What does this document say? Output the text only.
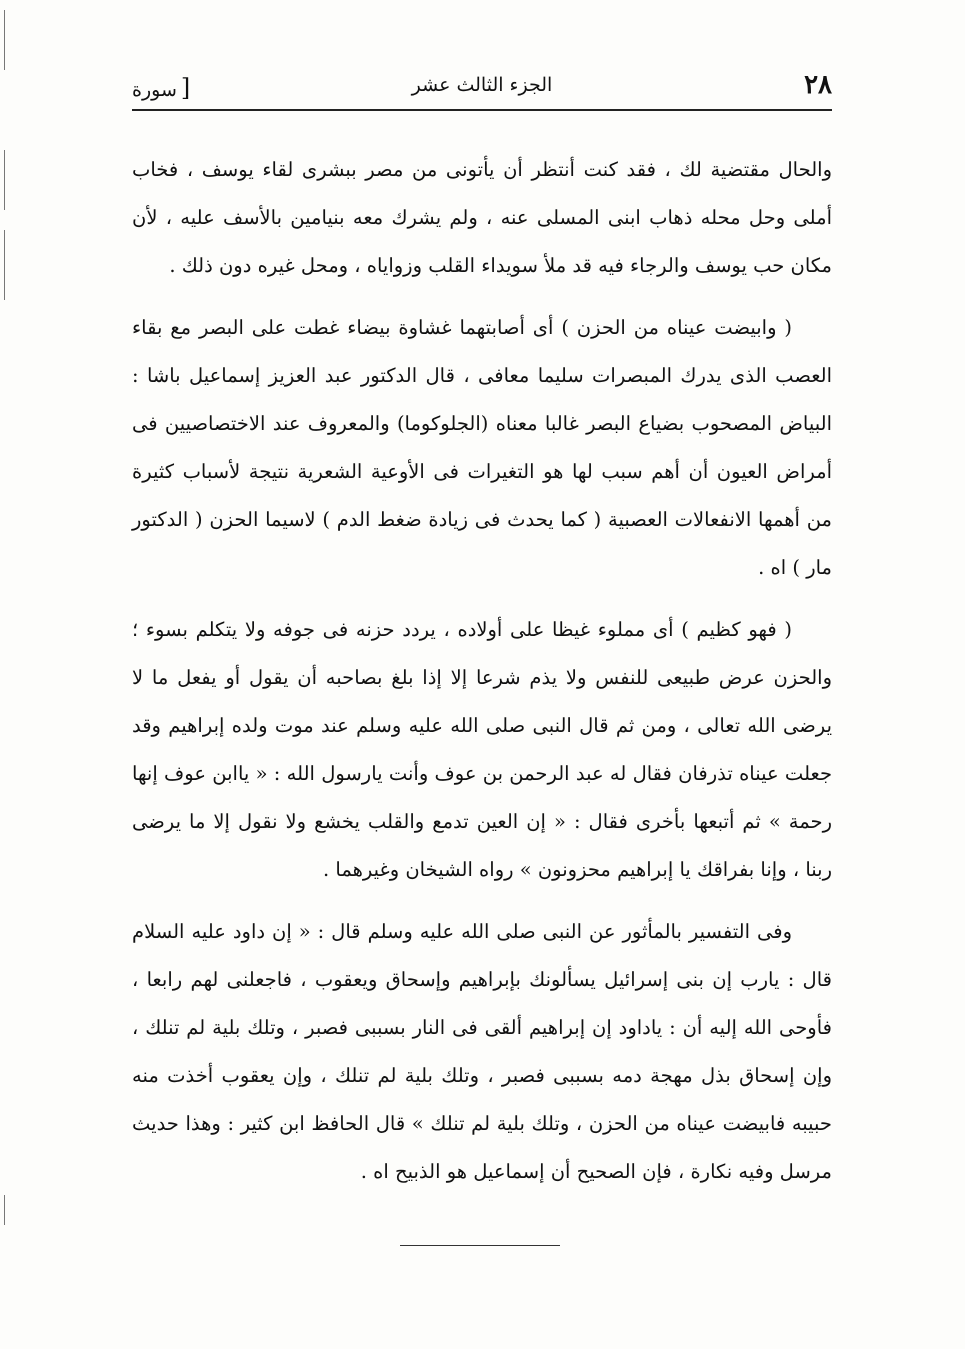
٢٨
الجزء الثالث عشر
[سورة

والحال مقتضية لك ، فقد كنت أنتظر أن يأتونى من مصر ببشرى لقاء يوسف ، فخاب أملى وحل محله ذهاب ابنى المسلى عنه ، ولم يشرك معه بنيامين بالأسف عليه ، لأن مكان حب يوسف والرجاء فيه قد ملأ سويداء القلب وزواياه ، ومحل غيره دون ذلك .

( وابيضت عيناه من الحزن ) أى أصابتهما غشاوة بيضاء غطت على البصر مع بقاء العصب الذى يدرك المبصرات سليما معافى ، قال الدكتور عبد العزيز إسماعيل باشا : البياض المصحوب بضياع البصر غالبا معناه (الجلوكوما) والمعروف عند الاختصاصيين فى أمراض العيون أن أهم سبب لها هو التغيرات فى الأوعية الشعرية نتيجة لأسباب كثيرة من أهمها الانفعالات العصبية ( كما يحدث فى زيادة ضغط الدم ) لاسيما الحزن ( الدكتور مار ) اه .

( فهو كظيم ) أى مملوء غيظا على أولاده ، يردد حزنه فى جوفه ولا يتكلم بسوء ؛ والحزن عرض طبيعى للنفس ولا يذم شرعا إلا إذا بلغ بصاحبه أن يقول أو يفعل ما لا يرضى الله تعالى ، ومن ثم قال النبى صلى الله عليه وسلم عند موت ولده إبراهيم وقد جعلت عيناه تذرفان فقال له عبد الرحمن بن عوف وأنت يارسول الله : « ياابن عوف إنها رحمة » ثم أتبعها بأخرى فقال : « إن العين تدمع والقلب يخشع ولا نقول إلا ما يرضى ربنا ، وإنا بفراقك يا إبراهيم محزونون » رواه الشيخان وغيرهما .

وفى التفسير بالمأثور عن النبى صلى الله عليه وسلم قال : « إن داود عليه السلام قال : يارب إن بنى إسرائيل يسألونك بإبراهيم وإسحاق ويعقوب ، فاجعلنى لهم رابعا ، فأوحى الله إليه أن : ياداود إن إبراهيم ألقى فى النار بسببى فصبر ، وتلك بلية لم تنلك ، وإن إسحاق بذل مهجة دمه بسببى فصبر ، وتلك بلية لم تنلك ، وإن يعقوب أخذت منه حبيبه فابيضت عيناه من الحزن ، وتلك بلية لم تنلك » قال الحافظ ابن كثير : وهذا حديث مرسل وفيه نكارة ، فإن الصحيح أن إسماعيل هو الذبيح اه .
